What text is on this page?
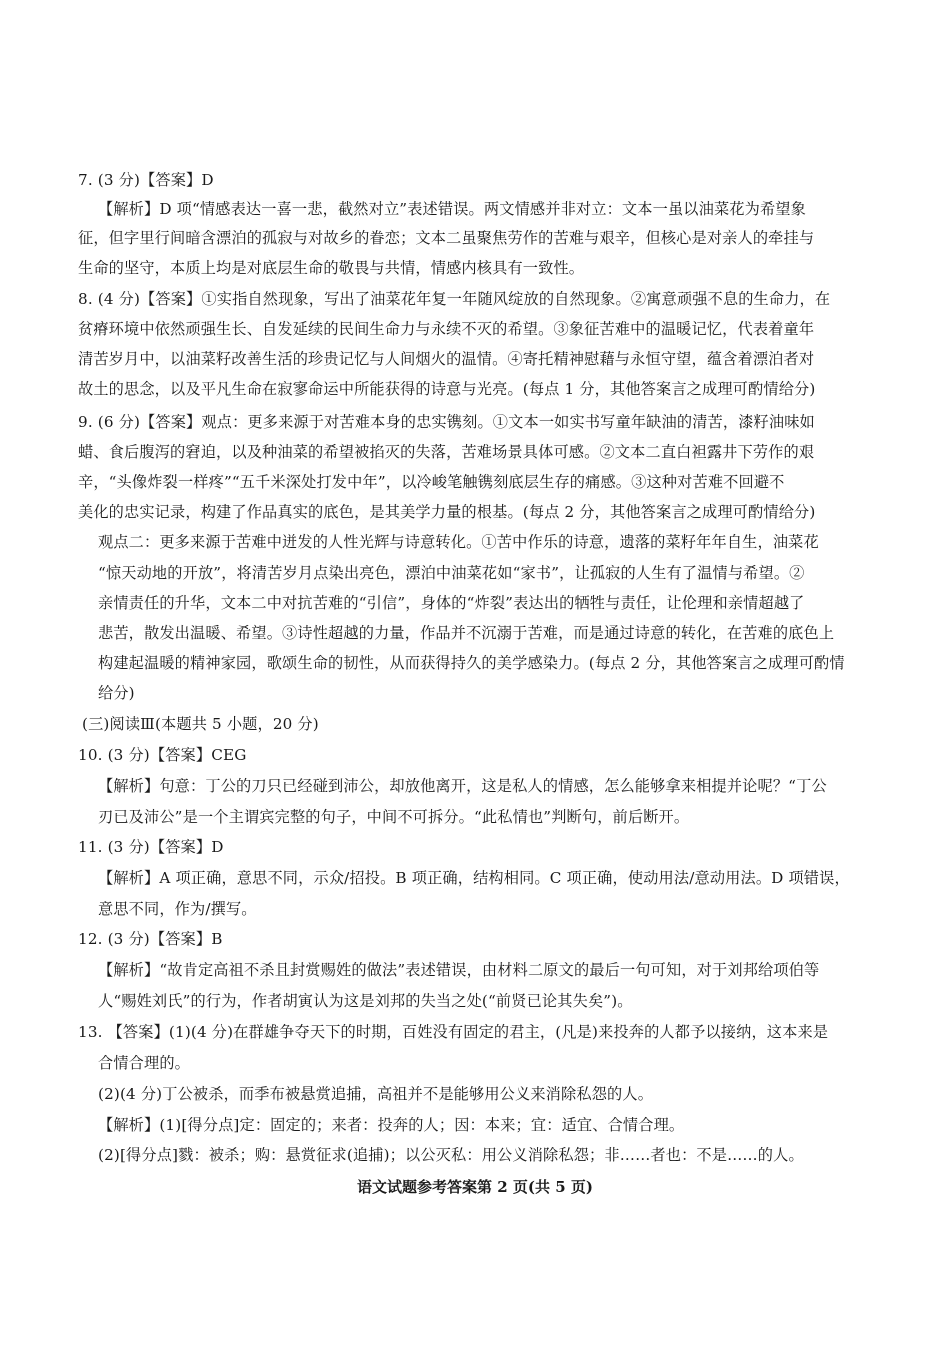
7. (3 分)【答案】D
【解析】D 项“情感表达一喜一悲，截然对立”表述错误。两文情感并非对立：文本一虽以油菜花为希望象
征，但字里行间暗含漂泊的孤寂与对故乡的眷恋；文本二虽聚焦劳作的苦难与艰辛，但核心是对亲人的牵挂与
生命的坚守，本质上均是对底层生命的敬畏与共情，情感内核具有一致性。
8. (4 分)【答案】①实指自然现象，写出了油菜花年复一年随风绽放的自然现象。②寓意顽强不息的生命力，在
贫瘠环境中依然顽强生长、自发延续的民间生命力与永续不灭的希望。③象征苦难中的温暖记忆，代表着童年
清苦岁月中，以油菜籽改善生活的珍贵记忆与人间烟火的温情。④寄托精神慰藉与永恒守望，蕴含着漂泊者对
故土的思念，以及平凡生命在寂寥命运中所能获得的诗意与光亮。(每点 1 分，其他答案言之成理可酌情给分)
9. (6 分)【答案】观点：更多来源于对苦难本身的忠实镌刻。①文本一如实书写童年缺油的清苦，漆籽油味如
蜡、食后腹泻的窘迫，以及种油菜的希望被掐灭的失落，苦难场景具体可感。②文本二直白袒露井下劳作的艰
辛，“头像炸裂一样疼”“五千米深处打发中年”，以冷峻笔触镌刻底层生存的痛感。③这种对苦难不回避不
美化的忠实记录，构建了作品真实的底色，是其美学力量的根基。(每点 2 分，其他答案言之成理可酌情给分)
观点二：更多来源于苦难中迸发的人性光辉与诗意转化。①苦中作乐的诗意，遗落的菜籽年年自生，油菜花
“惊天动地的开放”，将清苦岁月点染出亮色，漂泊中油菜花如“家书”，让孤寂的人生有了温情与希望。②
亲情责任的升华，文本二中对抗苦难的“引信”，身体的“炸裂”表达出的牺牲与责任，让伦理和亲情超越了
悲苦，散发出温暖、希望。③诗性超越的力量，作品并不沉溺于苦难，而是通过诗意的转化，在苦难的底色上
构建起温暖的精神家园，歌颂生命的韧性，从而获得持久的美学感染力。(每点 2 分，其他答案言之成理可酌情
给分)
(三)阅读Ⅲ(本题共 5 小题，20 分)
10. (3 分)【答案】CEG
【解析】句意：丁公的刀只已经碰到沛公，却放他离开，这是私人的情感，怎么能够拿来相提并论呢？“丁公
刃已及沛公”是一个主谓宾完整的句子，中间不可拆分。“此私情也”判断句，前后断开。
11. (3 分)【答案】D
【解析】A 项正确，意思不同，示众/招投。B 项正确，结构相同。C 项正确，使动用法/意动用法。D 项错误，
意思不同，作为/撰写。
12. (3 分)【答案】B
【解析】“故肯定高祖不杀且封赏赐姓的做法”表述错误，由材料二原文的最后一句可知，对于刘邦给项伯等
人“赐姓刘氏”的行为，作者胡寅认为这是刘邦的失当之处(“前贤已论其失矣”)。
13. 【答案】(1)(4 分)在群雄争夺天下的时期，百姓没有固定的君主，(凡是)来投奔的人都予以接纳，这本来是
合情合理的。
(2)(4 分)丁公被杀，而季布被悬赏追捕，高祖并不是能够用公义来消除私怨的人。
【解析】(1)[得分点]定：固定的；来者：投奔的人；因：本来；宜：适宜、合情合理。
(2)[得分点]戮：被杀；购：悬赏征求(追捕)；以公灭私：用公义消除私怨；非……者也：不是……的人。
语文试题参考答案第 2 页(共 5 页)
